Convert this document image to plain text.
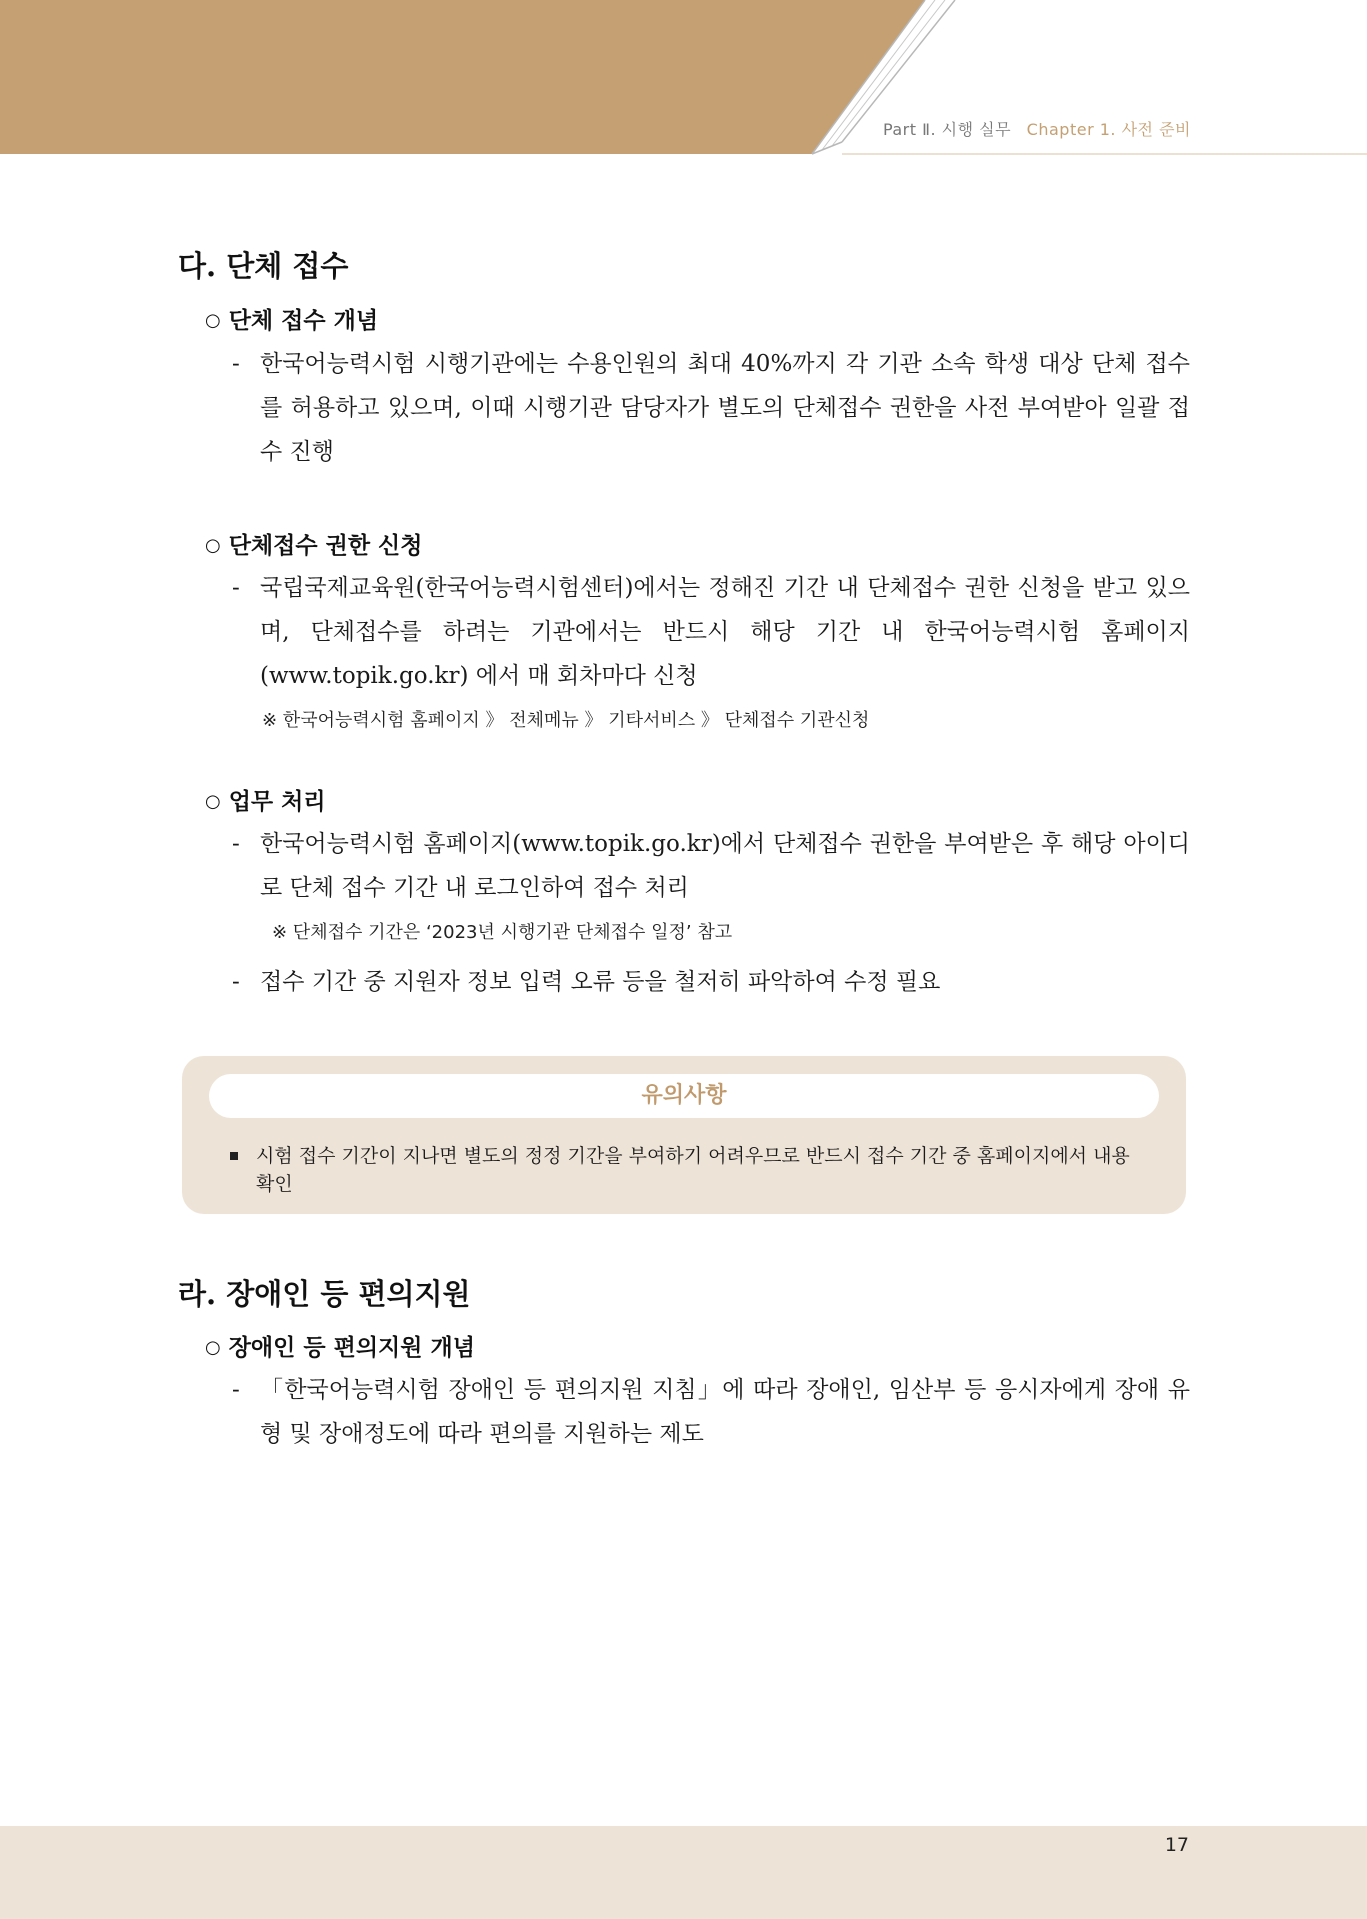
Part Ⅱ. 시행 실무 Chapter 1. 사전 준비
다. 단체 접수
○ 단체 접수 개념
- 한국어능력시험 시행기관에는 수용인원의 최대 40%까지 각 기관 소속 학생 대상 단체 접수를 허용하고 있으며, 이때 시행기관 담당자가 별도의 단체접수 권한을 사전 부여받아 일괄 접수 진행
○ 단체접수 권한 신청
- 국립국제교육원(한국어능력시험센터)에서는 정해진 기간 내 단체접수 권한 신청을 받고 있으며, 단체접수를 하려는 기관에서는 반드시 해당 기간 내 한국어능력시험 홈페이지(www.topik.go.kr) 에서 매 회차마다 신청
※ 한국어능력시험 홈페이지 》 전체메뉴 》 기타서비스 》 단체접수 기관신청
○ 업무 처리
- 한국어능력시험 홈페이지(www.topik.go.kr)에서 단체접수 권한을 부여받은 후 해당 아이디로 단체 접수 기간 내 로그인하여 접수 처리
※ 단체접수 기간은 ‘2023년 시행기관 단체접수 일정’ 참고
- 접수 기간 중 지원자 정보 입력 오류 등을 철저히 파악하여 수정 필요
유의사항
시험 접수 기간이 지나면 별도의 정정 기간을 부여하기 어려우므로 반드시 접수 기간 중 홈페이지에서 내용 확인
라. 장애인 등 편의지원
○ 장애인 등 편의지원 개념
- 「한국어능력시험 장애인 등 편의지원 지침」에 따라 장애인, 임산부 등 응시자에게 장애 유형 및 장애정도에 따라 편의를 지원하는 제도
17
